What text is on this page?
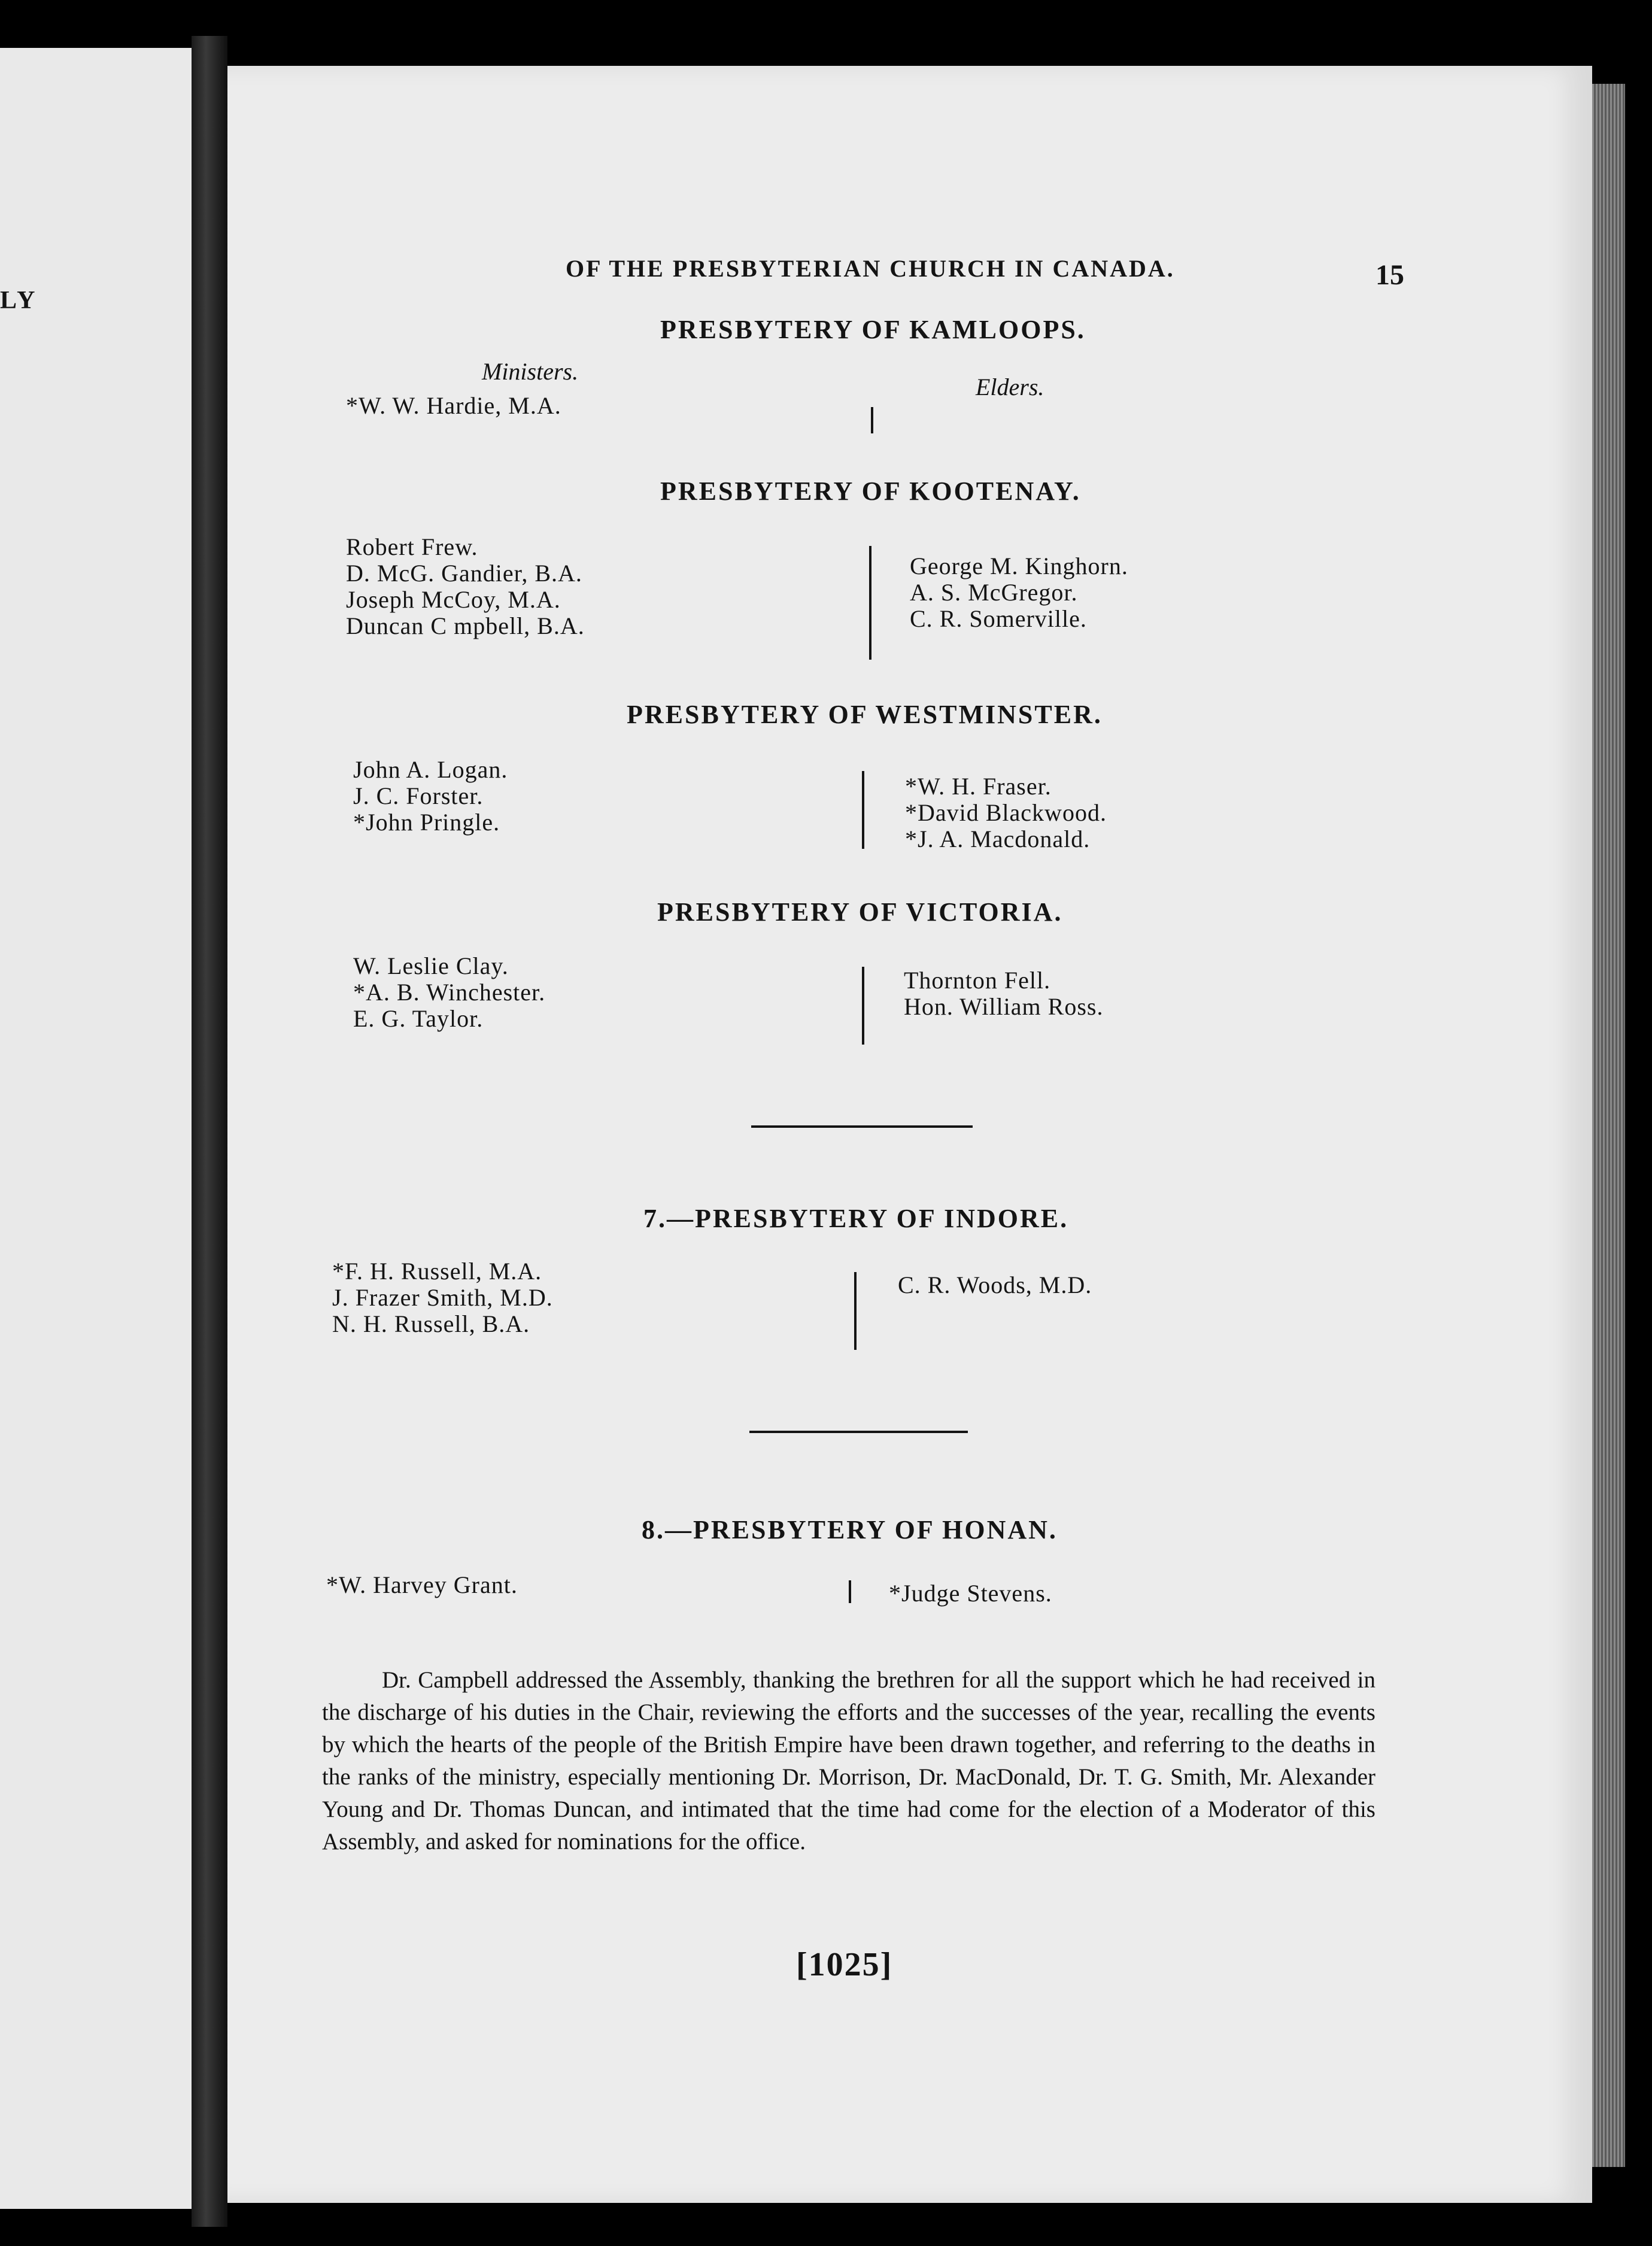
LY
OF THE PRESBYTERIAN CHURCH IN CANADA.	15
PRESBYTERY OF KAMLOOPS.
Ministers.
Elders.
*W. W. Hardie, M.A.
PRESBYTERY OF KOOTENAY.
Robert Frew.
D. McG. Gandier, B.A.
Joseph McCoy, M.A.
Duncan C mpbell, B.A.
George M. Kinghorn.
A. S. McGregor.
C. R. Somerville.
PRESBYTERY OF WESTMINSTER.
John A. Logan.
J. C. Forster.
*John Pringle.
*W. H. Fraser.
*David Blackwood.
*J. A. Macdonald.
PRESBYTERY OF VICTORIA.
W. Leslie Clay.
*A. B. Winchester.
E. G. Taylor.
Thornton Fell.
Hon. William Ross.
7.—PRESBYTERY OF INDORE.
*F. H. Russell, M.A.
J. Frazer Smith, M.D.
N. H. Russell, B.A.
C. R. Woods, M.D.
8.—PRESBYTERY OF HONAN.
*W. Harvey Grant.	*Judge Stevens.
Dr. Campbell addressed the Assembly, thanking the brethren for all the support which he had received in the discharge of his duties in the Chair, reviewing the efforts and the successes of the year, recalling the events by which the hearts of the people of the British Empire have been drawn together, and referring to the deaths in the ranks of the ministry, especially mentioning Dr. Morrison, Dr. MacDonald, Dr. T. G. Smith, Mr. Alexander Young and Dr. Thomas Duncan, and intimated that the time had come for the election of a Moderator of this Assembly, and asked for nominations for the office.
[1025]
